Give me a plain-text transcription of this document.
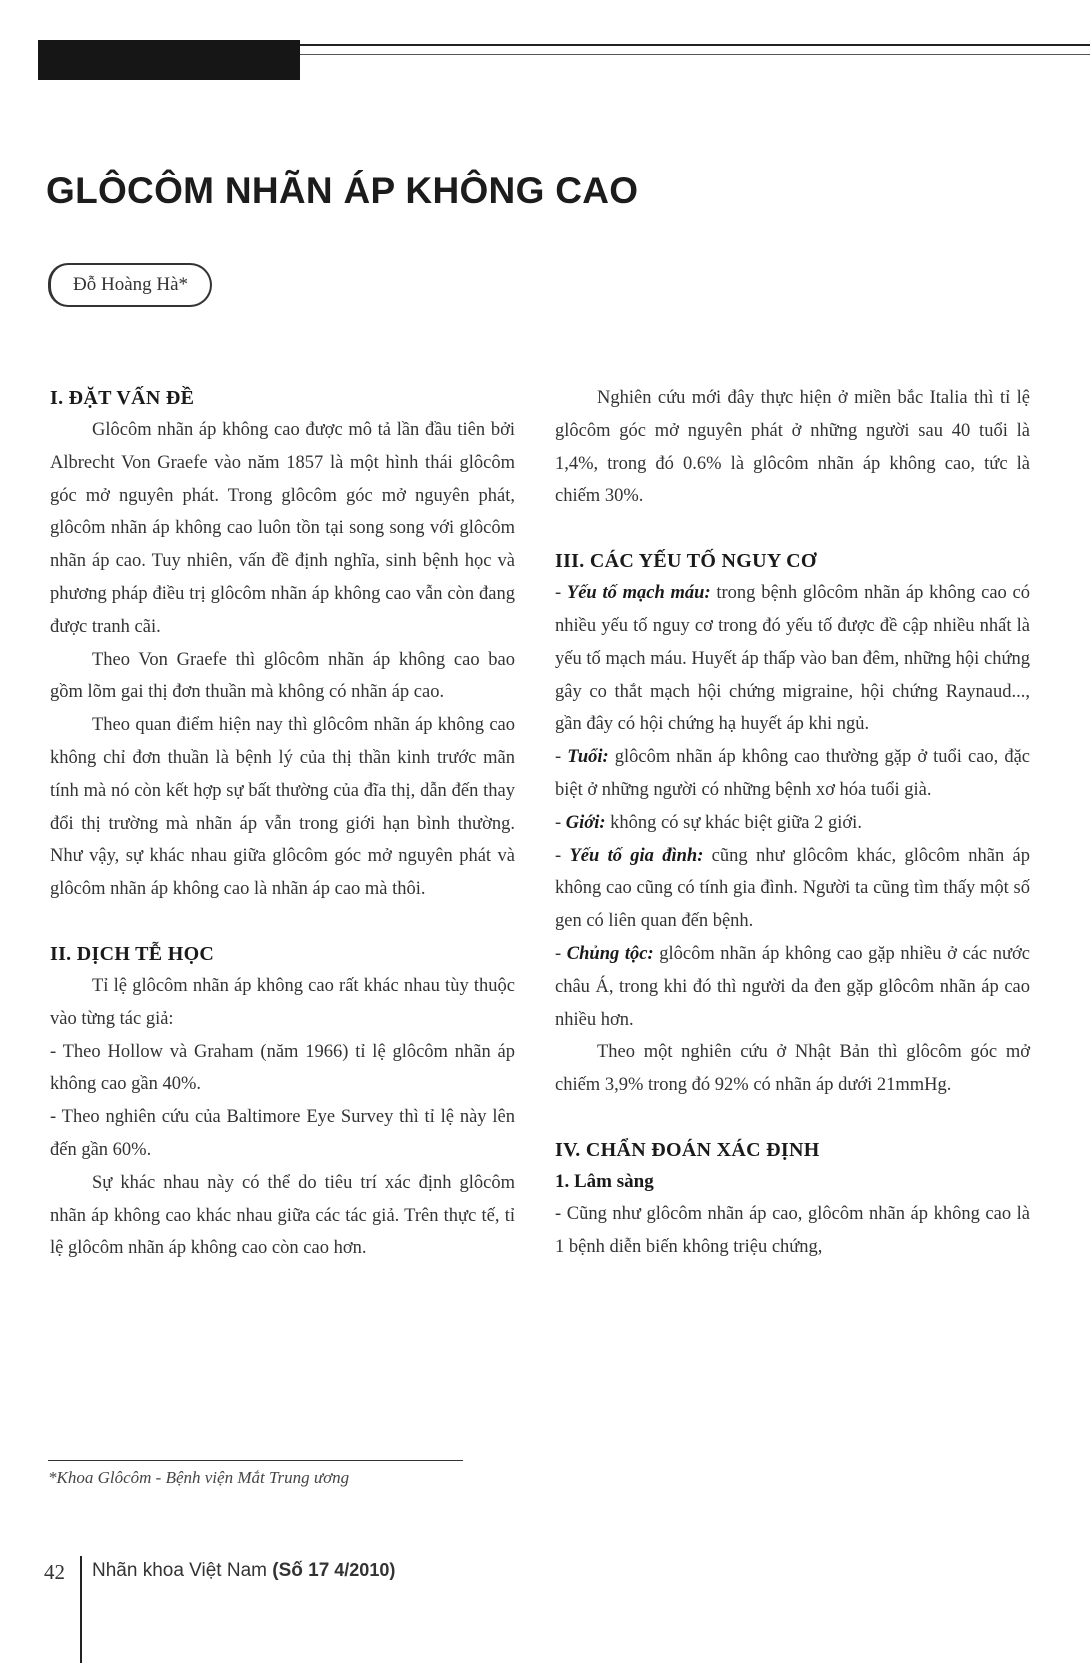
GLÔCÔM NHÃN ÁP KHÔNG CAO
Đỗ Hoàng Hà*
I. ĐẶT VẤN ĐỀ

Glôcôm nhãn áp không cao được mô tả lần đầu tiên bởi Albrecht Von Graefe vào năm 1857 là một hình thái glôcôm góc mở nguyên phát. Trong glôcôm góc mở nguyên phát, glôcôm nhãn áp không cao luôn tồn tại song song với glôcôm nhãn áp cao. Tuy nhiên, vấn đề định nghĩa, sinh bệnh học và phương pháp điều trị glôcôm nhãn áp không cao vẫn còn đang được tranh cãi.

Theo Von Graefe thì glôcôm nhãn áp không cao bao gồm lõm gai thị đơn thuần mà không có nhãn áp cao.

Theo quan điểm hiện nay thì glôcôm nhãn áp không cao không chỉ đơn thuần là bệnh lý của thị thần kinh trước mãn tính mà nó còn kết hợp sự bất thường của đĩa thị, dẫn đến thay đổi thị trường mà nhãn áp vẫn trong giới hạn bình thường. Như vậy, sự khác nhau giữa glôcôm góc mở nguyên phát và glôcôm nhãn áp không cao là nhãn áp cao mà thôi.

II. DỊCH TỄ HỌC

Tỉ lệ glôcôm nhãn áp không cao rất khác nhau tùy thuộc vào từng tác giả:

- Theo Hollow và Graham (năm 1966) tỉ lệ glôcôm nhãn áp không cao gần 40%.

- Theo nghiên cứu của Baltimore Eye Survey thì tỉ lệ này lên đến gần 60%.

Sự khác nhau này có thể do tiêu trí xác định glôcôm nhãn áp không cao khác nhau giữa các tác giả. Trên thực tế, tỉ lệ glôcôm nhãn áp không cao còn cao hơn.

Nghiên cứu mới đây thực hiện ở miền bắc Italia thì tỉ lệ glôcôm góc mở nguyên phát ở những người sau 40 tuổi là 1,4%, trong đó 0.6% là glôcôm nhãn áp không cao, tức là chiếm 30%.

III. CÁC YẾU TỐ NGUY CƠ

- Yếu tố mạch máu: trong bệnh glôcôm nhãn áp không cao có nhiều yếu tố nguy cơ trong đó yếu tố được đề cập nhiều nhất là yếu tố mạch máu. Huyết áp thấp vào ban đêm, những hội chứng gây co thắt mạch hội chứng migraine, hội chứng Raynaud..., gần đây có hội chứng hạ huyết áp khi ngủ.

- Tuổi: glôcôm nhãn áp không cao thường gặp ở tuổi cao, đặc biệt ở những người có những bệnh xơ hóa tuổi già.

- Giới: không có sự khác biệt giữa 2 giới.

- Yếu tố gia đình: cũng như glôcôm khác, glôcôm nhãn áp không cao cũng có tính gia đình. Người ta cũng tìm thấy một số gen có liên quan đến bệnh.

- Chủng tộc: glôcôm nhãn áp không cao gặp nhiều ở các nước châu Á, trong khi đó thì người da đen gặp glôcôm nhãn áp cao nhiều hơn.

Theo một nghiên cứu ở Nhật Bản thì glôcôm góc mở chiếm 3,9% trong đó 92% có nhãn áp dưới 21mmHg.

IV. CHẨN ĐOÁN XÁC ĐỊNH
1. Lâm sàng

- Cũng như glôcôm nhãn áp cao, glôcôm nhãn áp không cao là 1 bệnh diễn biến không triệu chứng,

*Khoa Glôcôm - Bệnh viện Mắt Trung ương
42 Nhãn khoa Việt Nam (Số 17 4/2010)
